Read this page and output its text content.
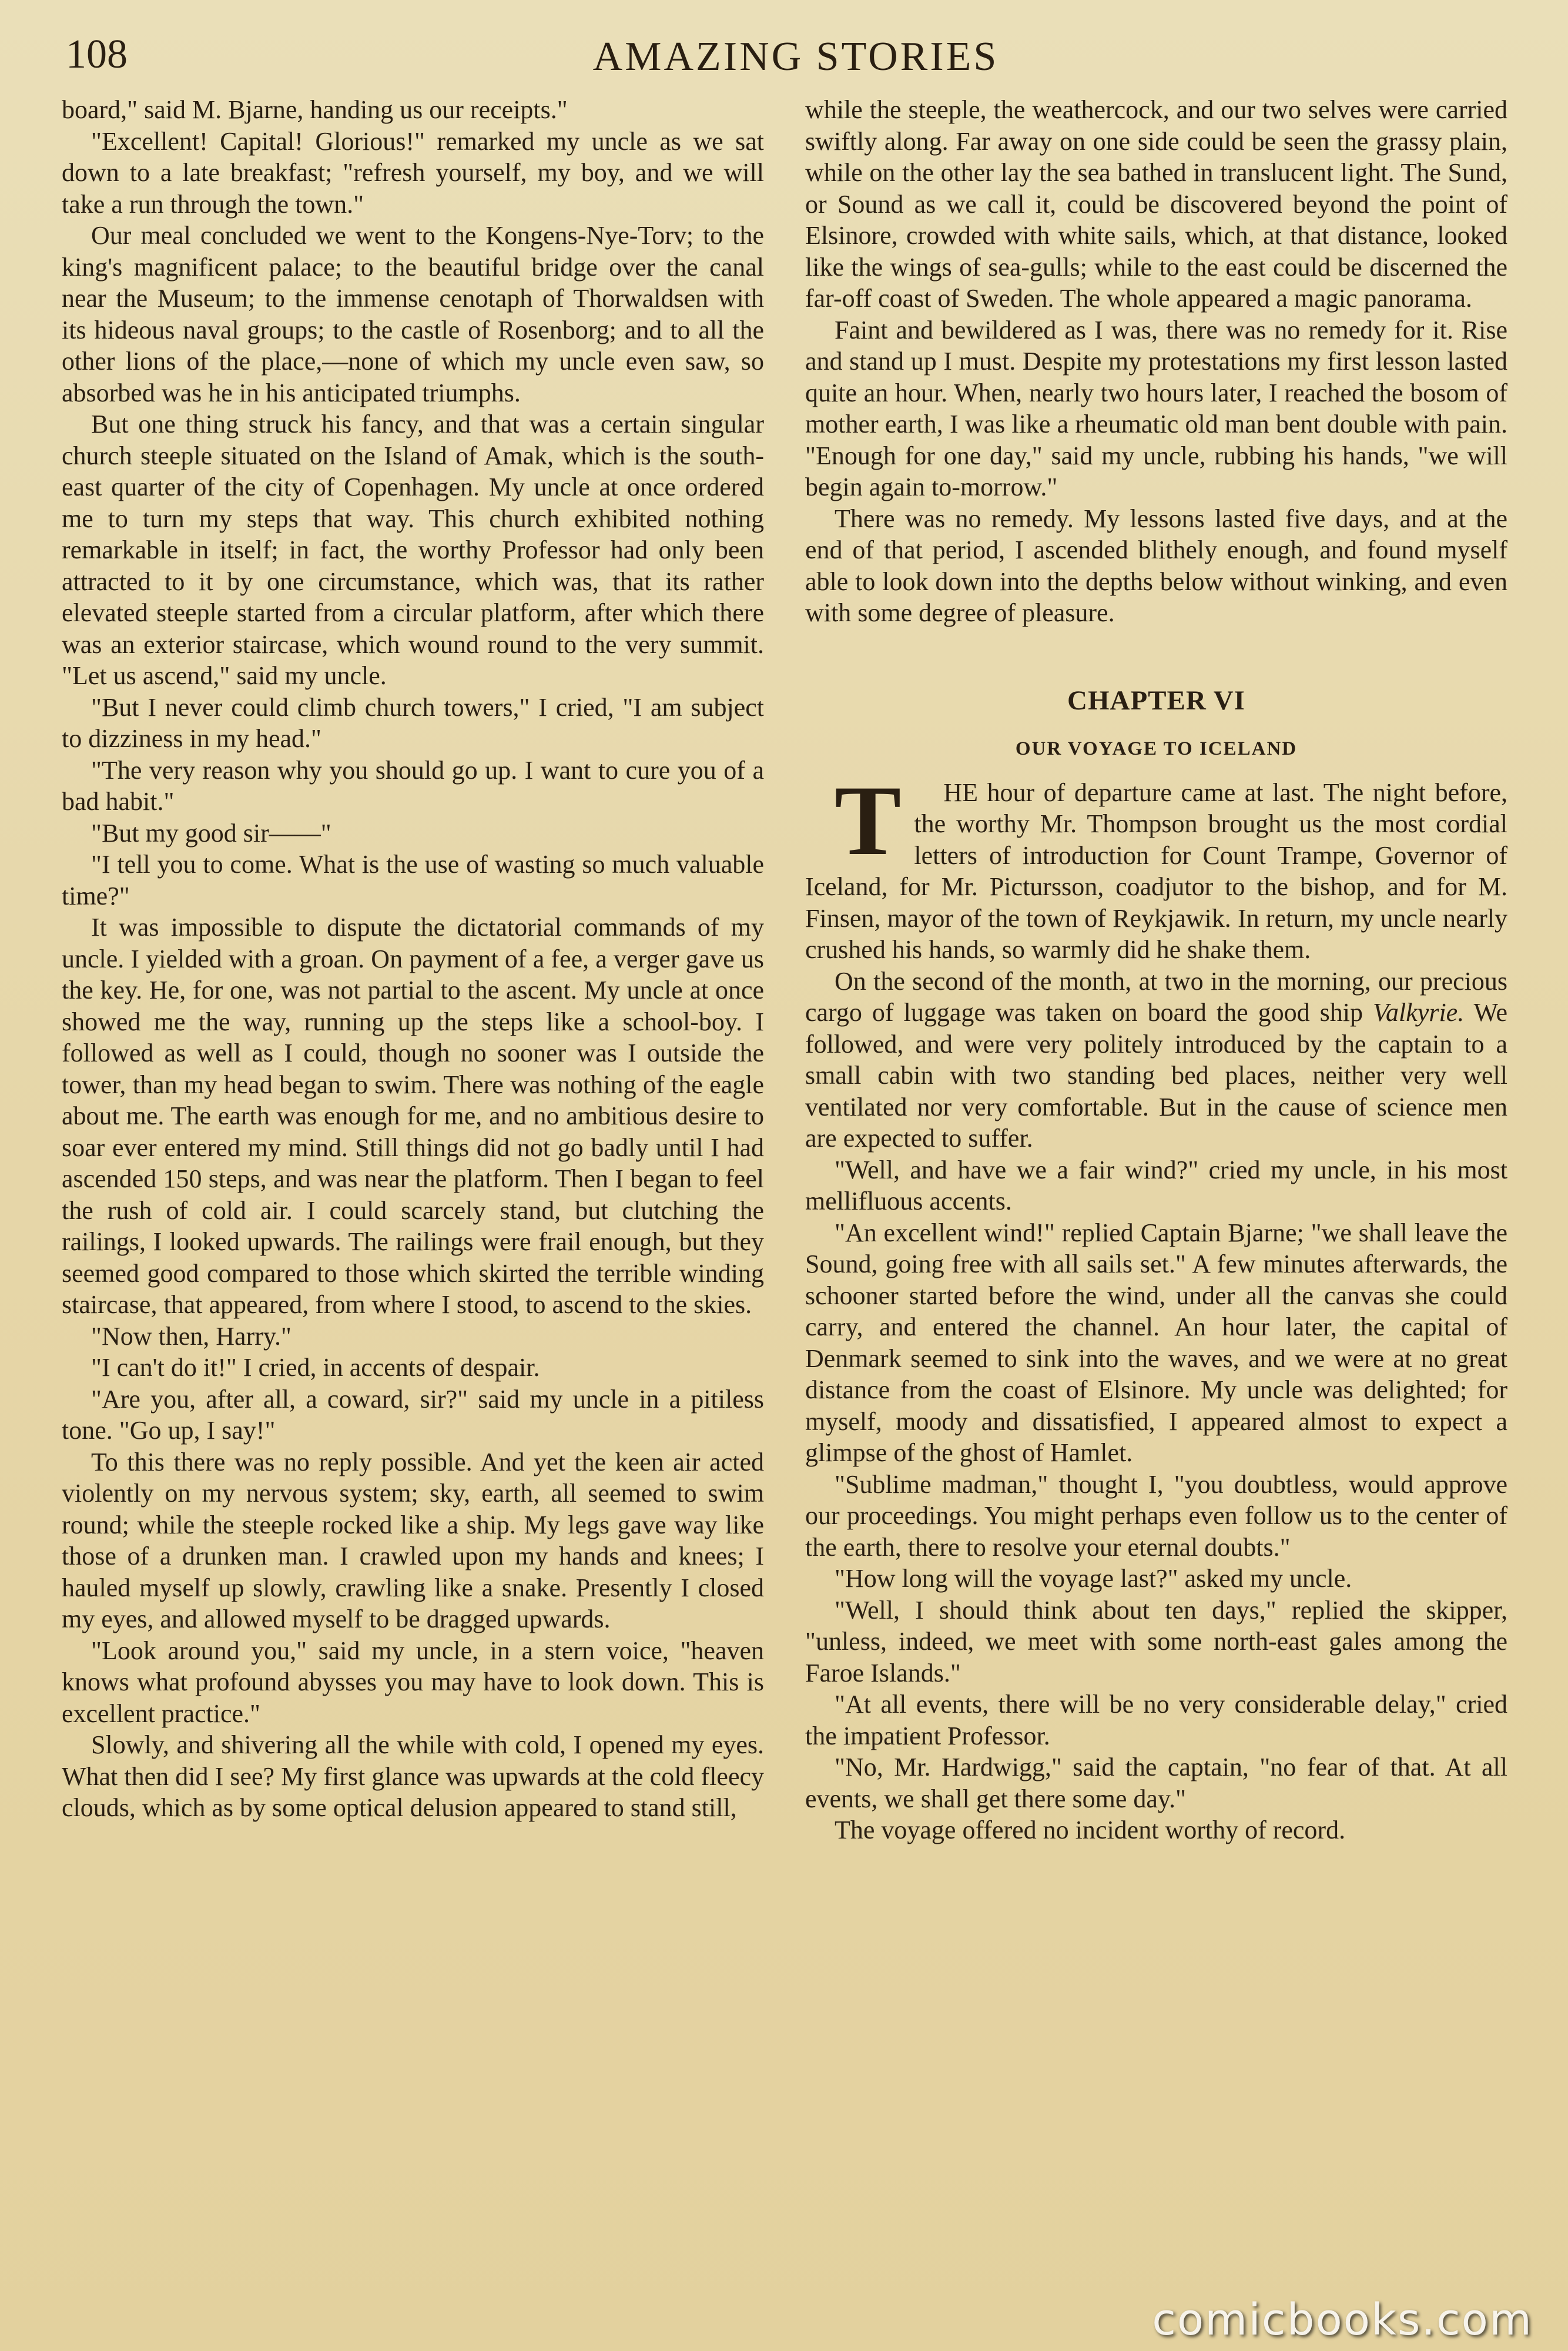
108	AMAZING STORIES

board," said M. Bjarne, handing us our receipts."

"Excellent! Capital! Glorious!" remarked my uncle as we sat down to a late breakfast; "refresh yourself, my boy, and we will take a run through the town."

Our meal concluded we went to the Kongens-Nye-Torv; to the king's magnificent palace; to the beautiful bridge over the canal near the Museum; to the immense cenotaph of Thorwaldsen with its hideous naval groups; to the castle of Rosenborg; and to all the other lions of the place,—none of which my uncle even saw, so absorbed was he in his anticipated triumphs.

But one thing struck his fancy, and that was a certain singular church steeple situated on the Island of Amak, which is the south-east quarter of the city of Copenhagen. My uncle at once ordered me to turn my steps that way. This church exhibited nothing remarkable in itself; in fact, the worthy Professor had only been attracted to it by one circumstance, which was, that its rather elevated steeple started from a circular platform, after which there was an exterior staircase, which wound round to the very summit. "Let us ascend," said my uncle.

"But I never could climb church towers," I cried, "I am subject to dizziness in my head."

"The very reason why you should go up. I want to cure you of a bad habit."

"But my good sir——"

"I tell you to come. What is the use of wasting so much valuable time?"

It was impossible to dispute the dictatorial commands of my uncle. I yielded with a groan. On payment of a fee, a verger gave us the key. He, for one, was not partial to the ascent. My uncle at once showed me the way, running up the steps like a school-boy. I followed as well as I could, though no sooner was I outside the tower, than my head began to swim. There was nothing of the eagle about me. The earth was enough for me, and no ambitious desire to soar ever entered my mind. Still things did not go badly until I had ascended 150 steps, and was near the platform. Then I began to feel the rush of cold air. I could scarcely stand, but clutching the railings, I looked upwards. The railings were frail enough, but they seemed good compared to those which skirted the terrible winding staircase, that appeared, from where I stood, to ascend to the skies.

"Now then, Harry."

"I can't do it!" I cried, in accents of despair.

"Are you, after all, a coward, sir?" said my uncle in a pitiless tone. "Go up, I say!"

To this there was no reply possible. And yet the keen air acted violently on my nervous system; sky, earth, all seemed to swim round; while the steeple rocked like a ship. My legs gave way like those of a drunken man. I crawled upon my hands and knees; I hauled myself up slowly, crawling like a snake. Presently I closed my eyes, and allowed myself to be dragged upwards.

"Look around you," said my uncle, in a stern voice, "heaven knows what profound abysses you may have to look down. This is excellent practice."

Slowly, and shivering all the while with cold, I opened my eyes. What then did I see? My first glance was upwards at the cold fleecy clouds, which as by some optical delusion appeared to stand still,

while the steeple, the weathercock, and our two selves were carried swiftly along. Far away on one side could be seen the grassy plain, while on the other lay the sea bathed in translucent light. The Sund, or Sound as we call it, could be discovered beyond the point of Elsinore, crowded with white sails, which, at that distance, looked like the wings of sea-gulls; while to the east could be discerned the far-off coast of Sweden. The whole appeared a magic panorama.

Faint and bewildered as I was, there was no remedy for it. Rise and stand up I must. Despite my protestations my first lesson lasted quite an hour. When, nearly two hours later, I reached the bosom of mother earth, I was like a rheumatic old man bent double with pain. "Enough for one day," said my uncle, rubbing his hands, "we will begin again to-morrow."

There was no remedy. My lessons lasted five days, and at the end of that period, I ascended blithely enough, and found myself able to look down into the depths below without winking, and even with some degree of pleasure.

CHAPTER VI
OUR VOYAGE TO ICELAND

T	HE hour of departure came at last. The night before, the worthy Mr. Thompson brought us the most cordial letters of introduction for Count Trampe, Governor of Iceland, for Mr. Pictursson, coadjutor to the bishop, and for M. Finsen, mayor of the town of Reykjawik. In return, my uncle nearly crushed his hands, so warmly did he shake them.

On the second of the month, at two in the morning, our precious cargo of luggage was taken on board the good ship Valkyrie. We followed, and were very politely introduced by the captain to a small cabin with two standing bed places, neither very well ventilated nor very comfortable. But in the cause of science men are expected to suffer.

"Well, and have we a fair wind?" cried my uncle, in his most mellifluous accents.

"An excellent wind!" replied Captain Bjarne; "we shall leave the Sound, going free with all sails set." A few minutes afterwards, the schooner started before the wind, under all the canvas she could carry, and entered the channel. An hour later, the capital of Denmark seemed to sink into the waves, and we were at no great distance from the coast of Elsinore. My uncle was delighted; for myself, moody and dissatisfied, I appeared almost to expect a glimpse of the ghost of Hamlet.

"Sublime madman," thought I, "you doubtless, would approve our proceedings. You might perhaps even follow us to the center of the earth, there to resolve your eternal doubts."

"How long will the voyage last?" asked my uncle.

"Well, I should think about ten days," replied the skipper, "unless, indeed, we meet with some north-east gales among the Faroe Islands."

"At all events, there will be no very considerable delay," cried the impatient Professor.

"No, Mr. Hardwigg," said the captain, "no fear of that. At all events, we shall get there some day."

The voyage offered no incident worthy of record.

comicbooks.com
